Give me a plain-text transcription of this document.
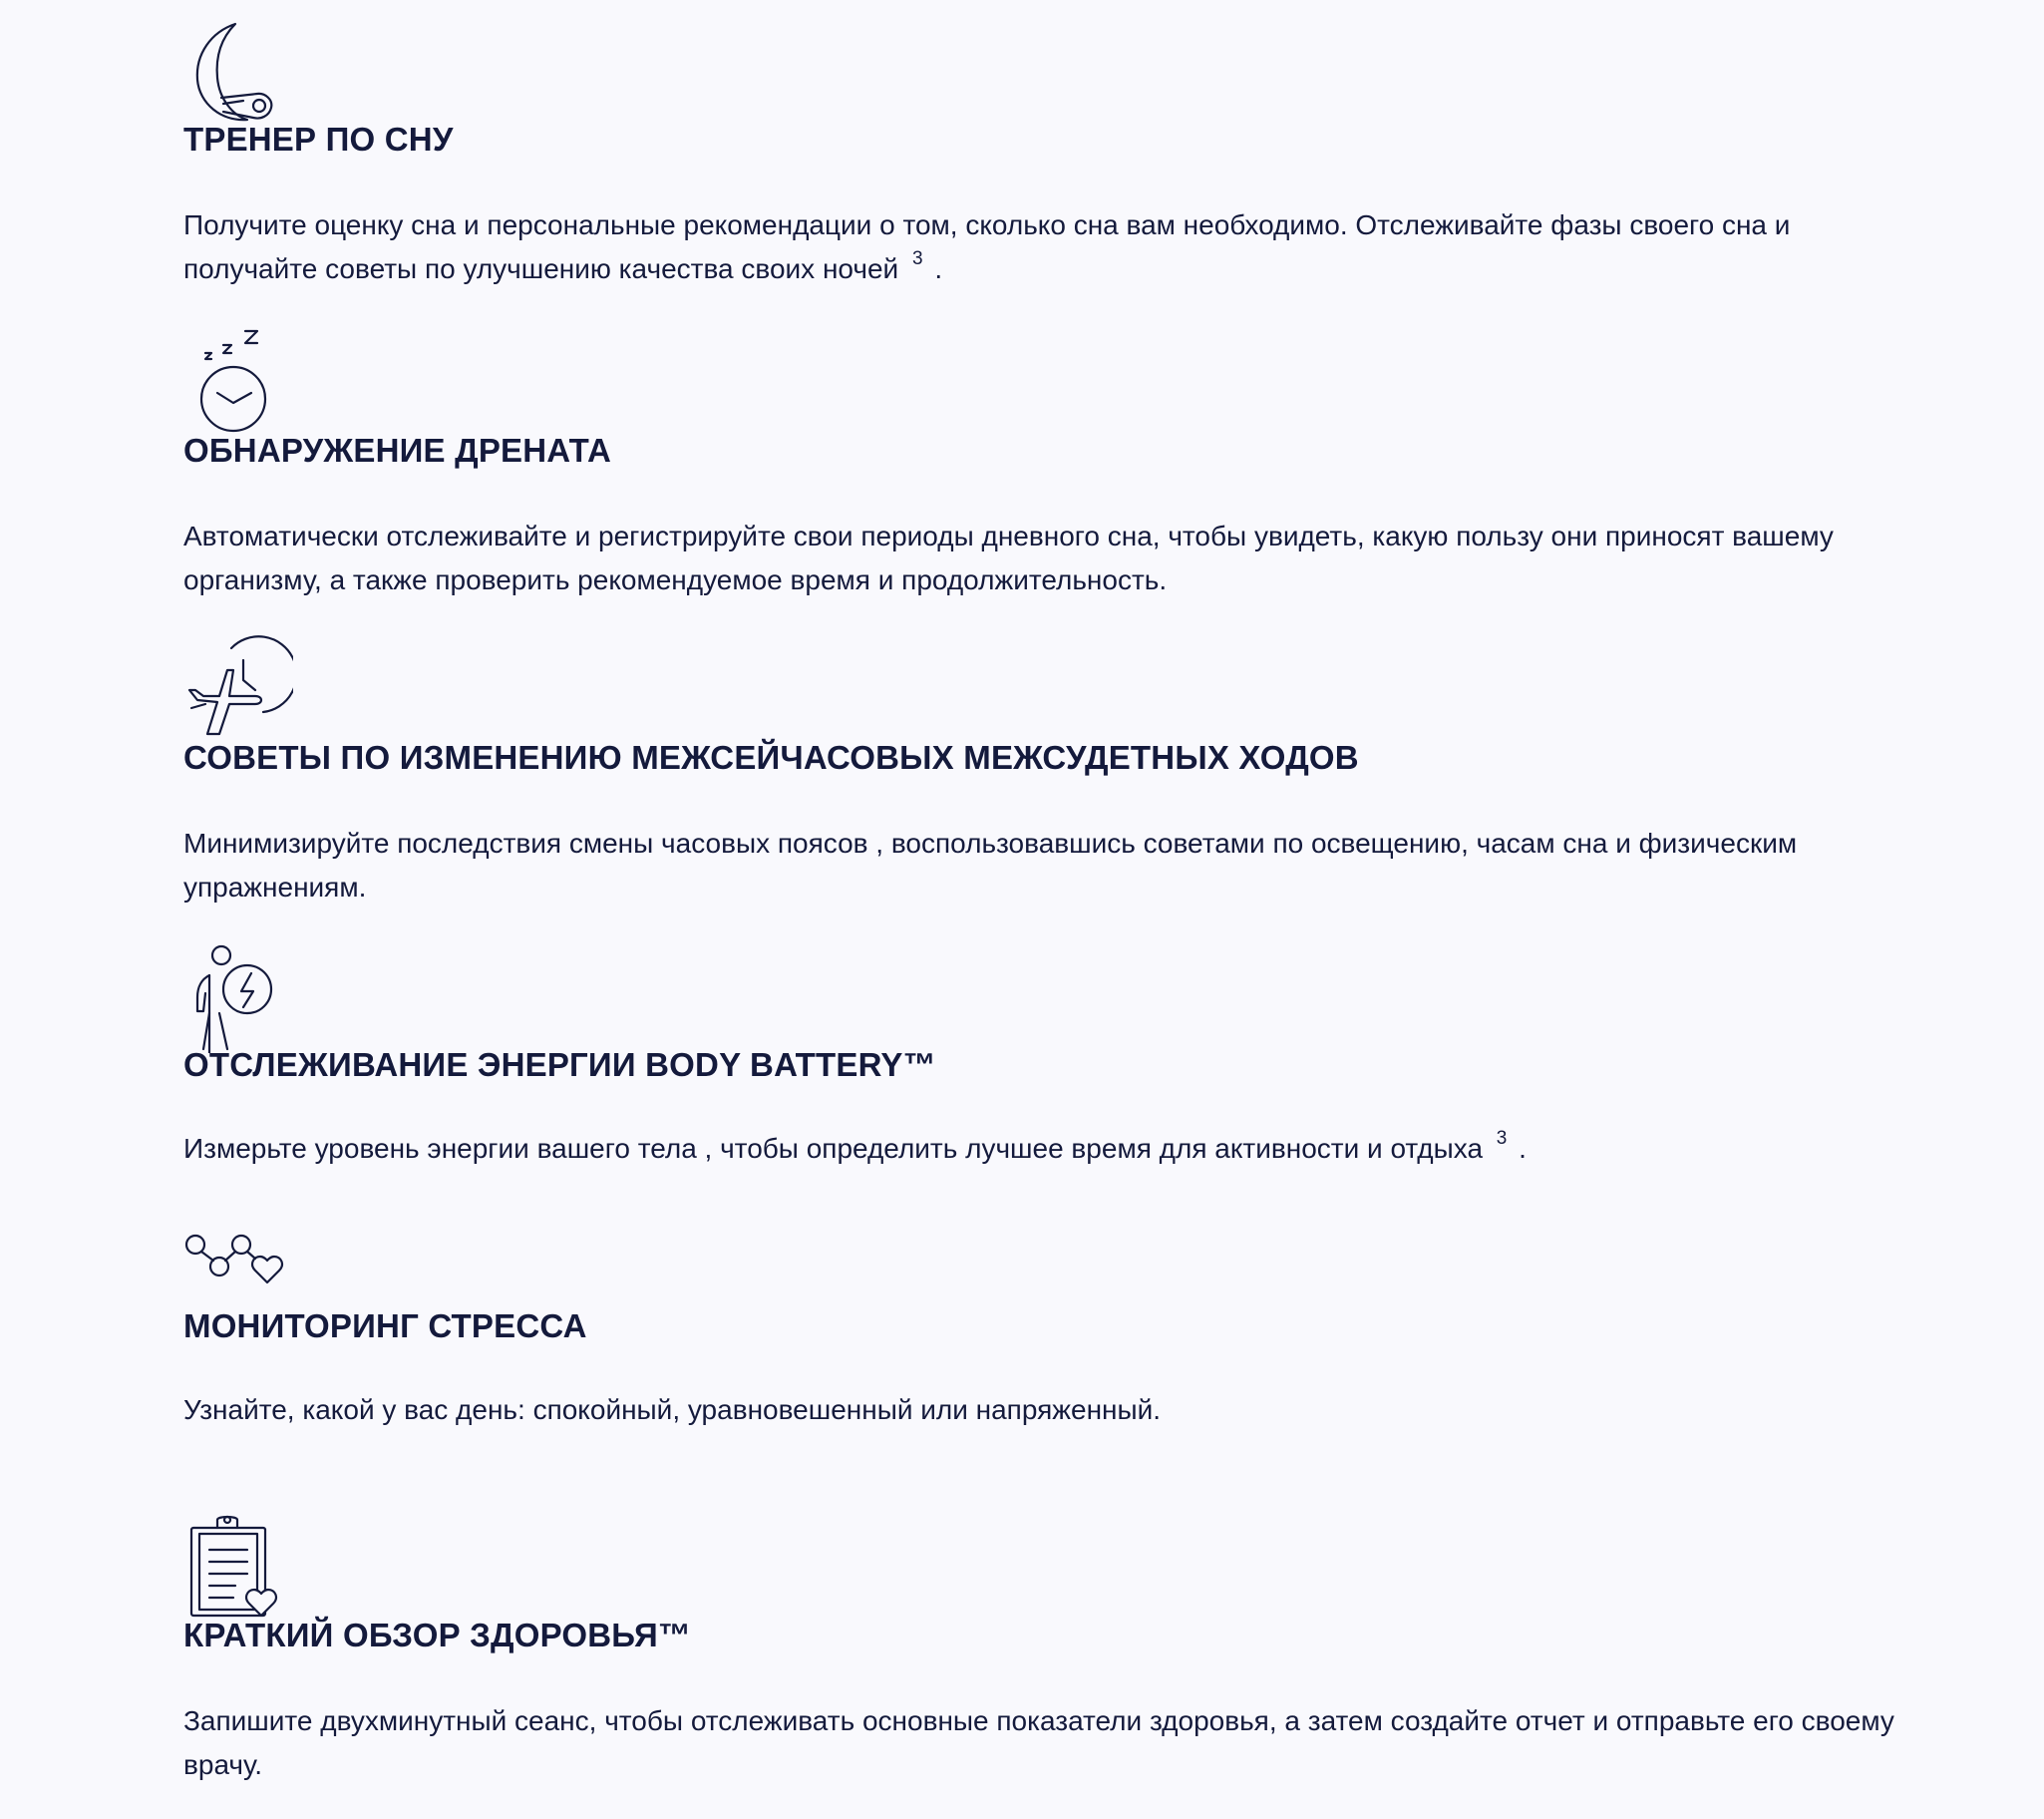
ТРЕНЕР ПО СНУ

Получите оценку сна и персональные рекомендации о том, сколько сна вам необходимо. Отслеживайте фазы своего сна и получайте советы по улучшению качества своих ночей $^3$ .

ОБНАРУЖЕНИЕ ДРЕНАТА

Автоматически отслеживайте и регистрируйте свои периоды дневного сна, чтобы увидеть, какую пользу они приносят вашему организму, а также проверить рекомендуемое время и продолжительность.

СОВЕТЫ ПО ИЗМЕНЕНИЮ МЕЖСЕЙЧАСОВЫХ МЕЖСУДЕТНЫХ ХОДОВ

Минимизируйте последствия смены часовых поясов , воспользовавшись советами по освещению, часам сна и физическим упражнениям.

ОТСЛЕЖИВАНИЕ ЭНЕРГИИ BODY BATTERY™

Измерьте уровень энергии вашего тела , чтобы определить лучшее время для активности и отдыха $^3$ .

МОНИТОРИНГ СТРЕССА

Узнайте, какой у вас день: спокойный, уравновешенный или напряженный.

КРАТКИЙ ОБЗОР ЗДОРОВЬЯ™

Запишите двухминутный сеанс, чтобы отслеживать основные показатели здоровья, а затем создайте отчет и отправьте его своему врачу.
